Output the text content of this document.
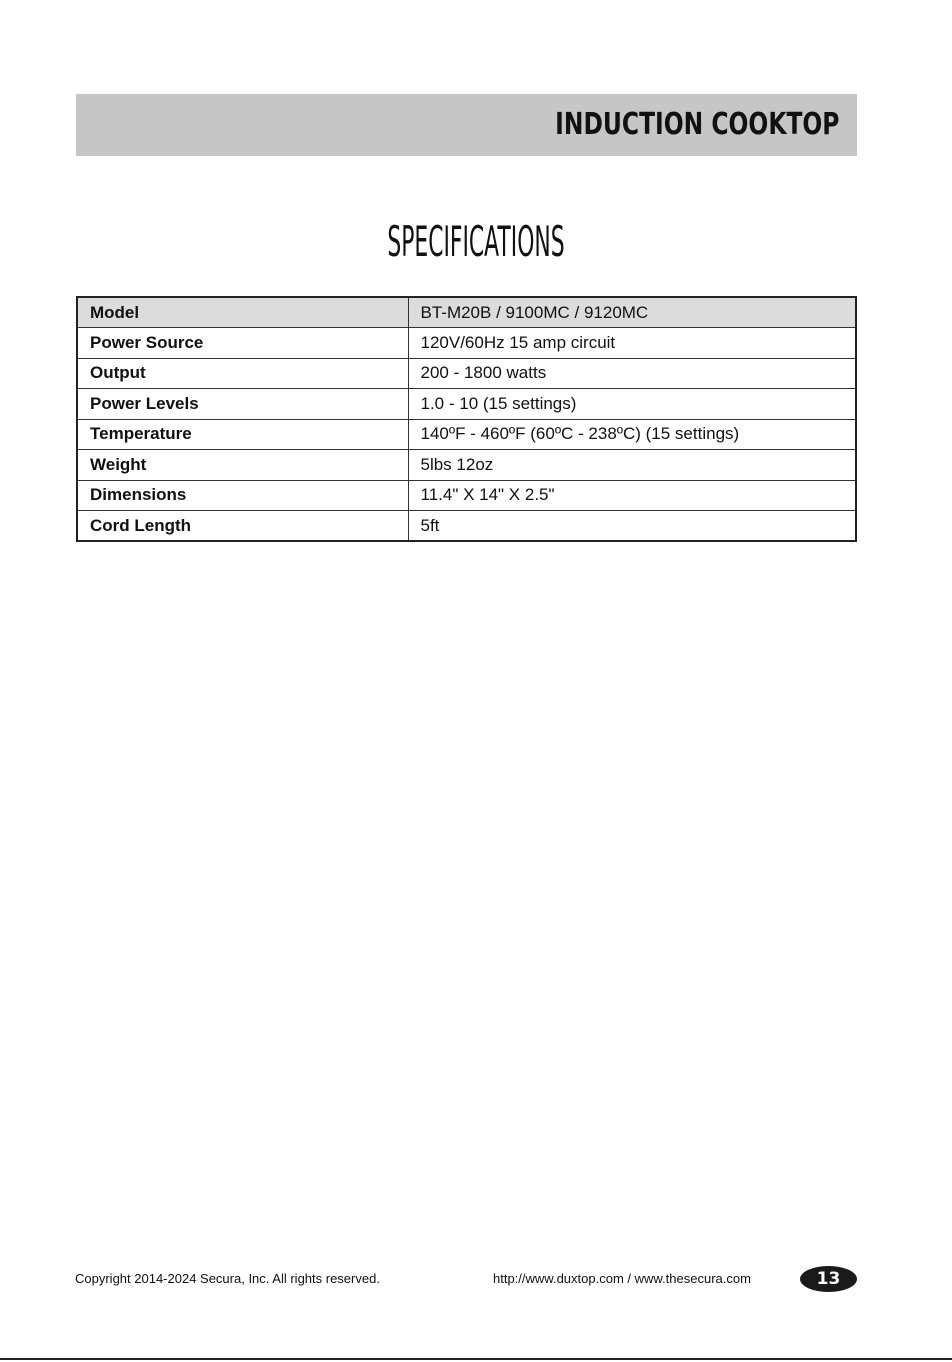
INDUCTION COOKTOP
SPECIFICATIONS
Model	BT-M20B / 9100MC / 9120MC
Power Source	120V/60Hz 15 amp circuit
Output	200 - 1800 watts
Power Levels	1.0 - 10 (15 settings)
Temperature	140ºF - 460ºF (60ºC - 238ºC) (15 settings)
Weight	5lbs 12oz
Dimensions	11.4" X 14" X 2.5"
Cord Length	5ft
Copyright 2014-2024 Secura, Inc. All rights reserved.	http://www.duxtop.com / www.thesecura.com	13
